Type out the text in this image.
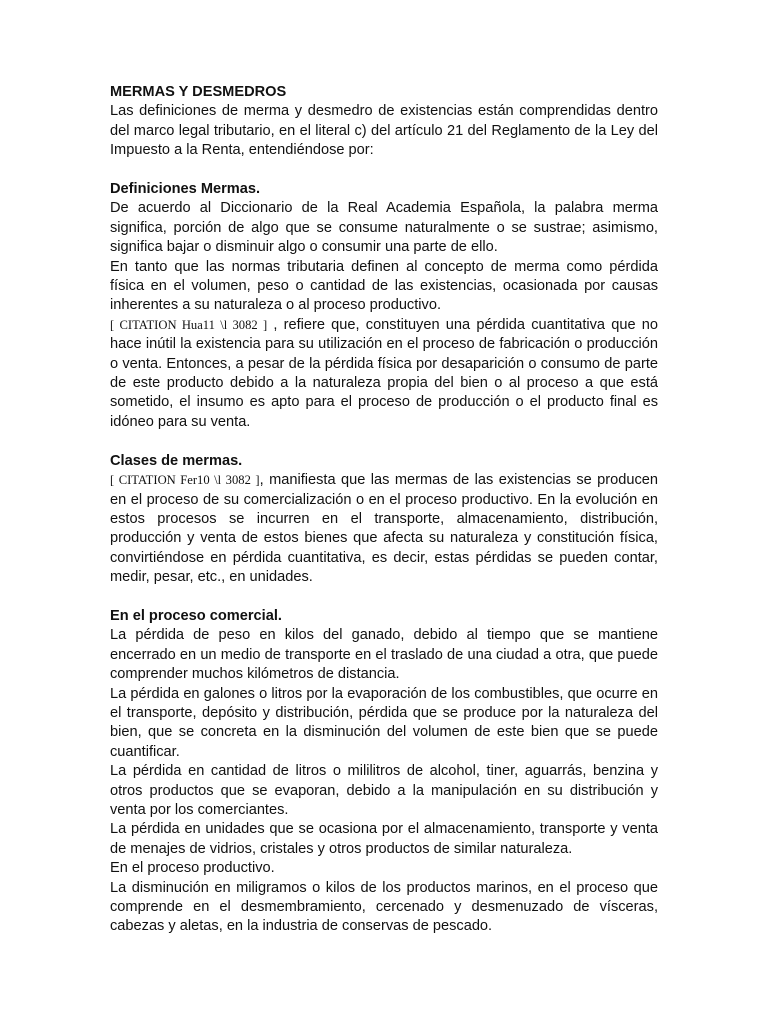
MERMAS Y DESMEDROS

Las definiciones de merma y desmedro de existencias están comprendidas dentro del marco legal tributario, en el literal c) del artículo 21 del Reglamento de la Ley del Impuesto a la Renta, entendiéndose por:

Definiciones Mermas.

De acuerdo al Diccionario de la Real Academia Española, la palabra merma significa, porción de algo que se consume naturalmente o se sustrae; asimismo, significa bajar o disminuir algo o consumir una parte de ello.

En tanto que las normas tributaria definen al concepto de merma como pérdida física en el volumen, peso o cantidad de las existencias, ocasionada por causas inherentes a su naturaleza o al proceso productivo.

[ CITATION Hua11 \l 3082 ] , refiere que, constituyen una pérdida cuantitativa que no hace inútil la existencia para su utilización en el proceso de fabricación o producción o venta. Entonces, a pesar de la pérdida física por desaparición o consumo de parte de este producto debido a la naturaleza propia del bien o al proceso a que está sometido, el insumo es apto para el proceso de producción o el producto final es idóneo para su venta.

Clases de mermas.

[ CITATION Fer10 \l 3082 ], manifiesta que las mermas de las existencias se producen en el proceso de su comercialización o en el proceso productivo. En la evolución en estos procesos se incurren en el transporte, almacenamiento, distribución, producción y venta de estos bienes que afecta su naturaleza y constitución física, convirtiéndose en pérdida cuantitativa, es decir, estas pérdidas se pueden contar, medir, pesar, etc., en unidades.

En el proceso comercial.

La pérdida de peso en kilos del ganado, debido al tiempo que se mantiene encerrado en un medio de transporte en el traslado de una ciudad a otra, que puede comprender muchos kilómetros de distancia.

La pérdida en galones o litros por la evaporación de los combustibles, que ocurre en el transporte, depósito y distribución, pérdida que se produce por la naturaleza del bien, que se concreta en la disminución del volumen de este bien que se puede cuantificar.

La pérdida en cantidad de litros o mililitros de alcohol, tiner, aguarrás, benzina y otros productos que se evaporan, debido a la manipulación en su distribución y venta por los comerciantes.

La pérdida en unidades que se ocasiona por el almacenamiento, transporte y venta de menajes de vidrios, cristales y otros productos de similar naturaleza.

En el proceso productivo.

La disminución en miligramos o kilos de los productos marinos, en el proceso que comprende en el desmembramiento, cercenado y desmenuzado de vísceras, cabezas y aletas, en la industria de conservas de pescado.
